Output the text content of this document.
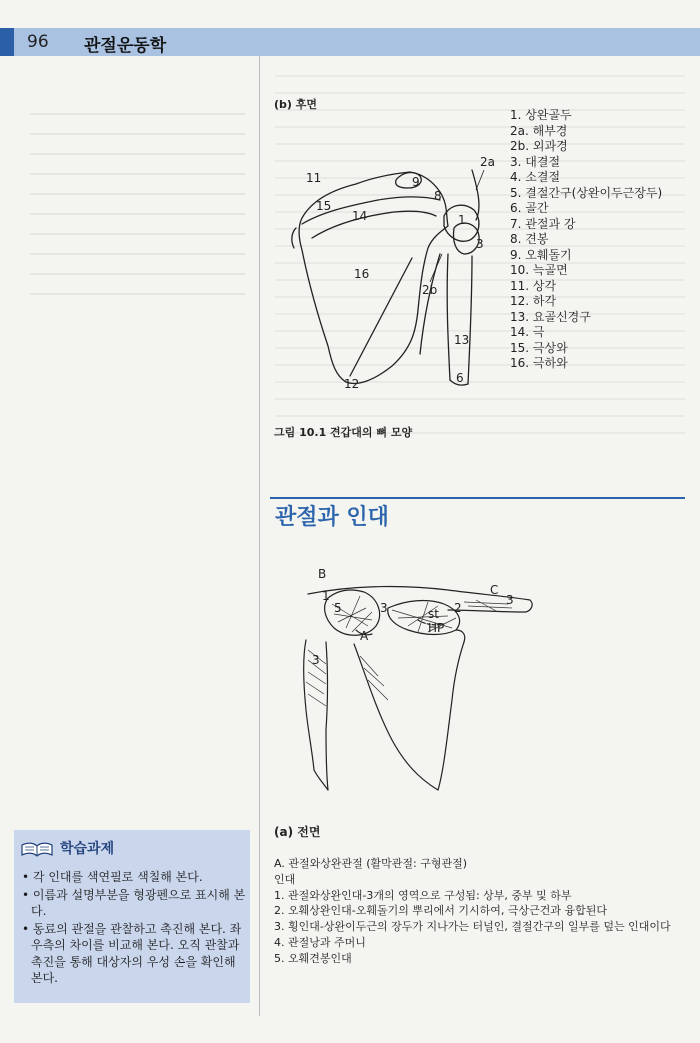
96 관절운동학
(b) 후면
11
15
14
9
8
2a
1
3
16
2b
13
6
12
1. 상완골두
2a. 해부경
2b. 외과경
3. 대결절
4. 소결절
5. 결절간구(상완이두근장두)
6. 골간
7. 관절과 강
8. 견봉
9. 오훼돌기
10. 늑골면
11. 상각
12. 하각
13. 요골신경구
14. 극
15. 극상와
16. 극하와
그림 10.1 견갑대의 뼈 모양
관절과 인대
B
1
5	3
C
3
2
st
HP
A
3
(a) 전면
A. 관절와상완관절 (활막관절: 구형관절)
인대
1. 관절와상완인대-3개의 영역으로 구성됨: 상부, 중부 및 하부
2. 오훼상완인대-오훼돌기의 뿌리에서 기시하여, 극상근건과 융합된다
3. 횡인대-상완이두근의 장두가 지나가는 터널인, 결절간구의 일부를 덮는 인대이다
4. 관절낭과 주머니
5. 오훼견봉인대
학습과제
• 각 인대를 색연필로 색칠해 본다.
• 이름과 설명부분을 형광펜으로 표시해 본다.
• 동료의 관절을 관찰하고 촉진해 본다. 좌우측의 차이를 비교해 본다. 오직 관찰과 촉진을 통해 대상자의 우성 손을 확인해 본다.
